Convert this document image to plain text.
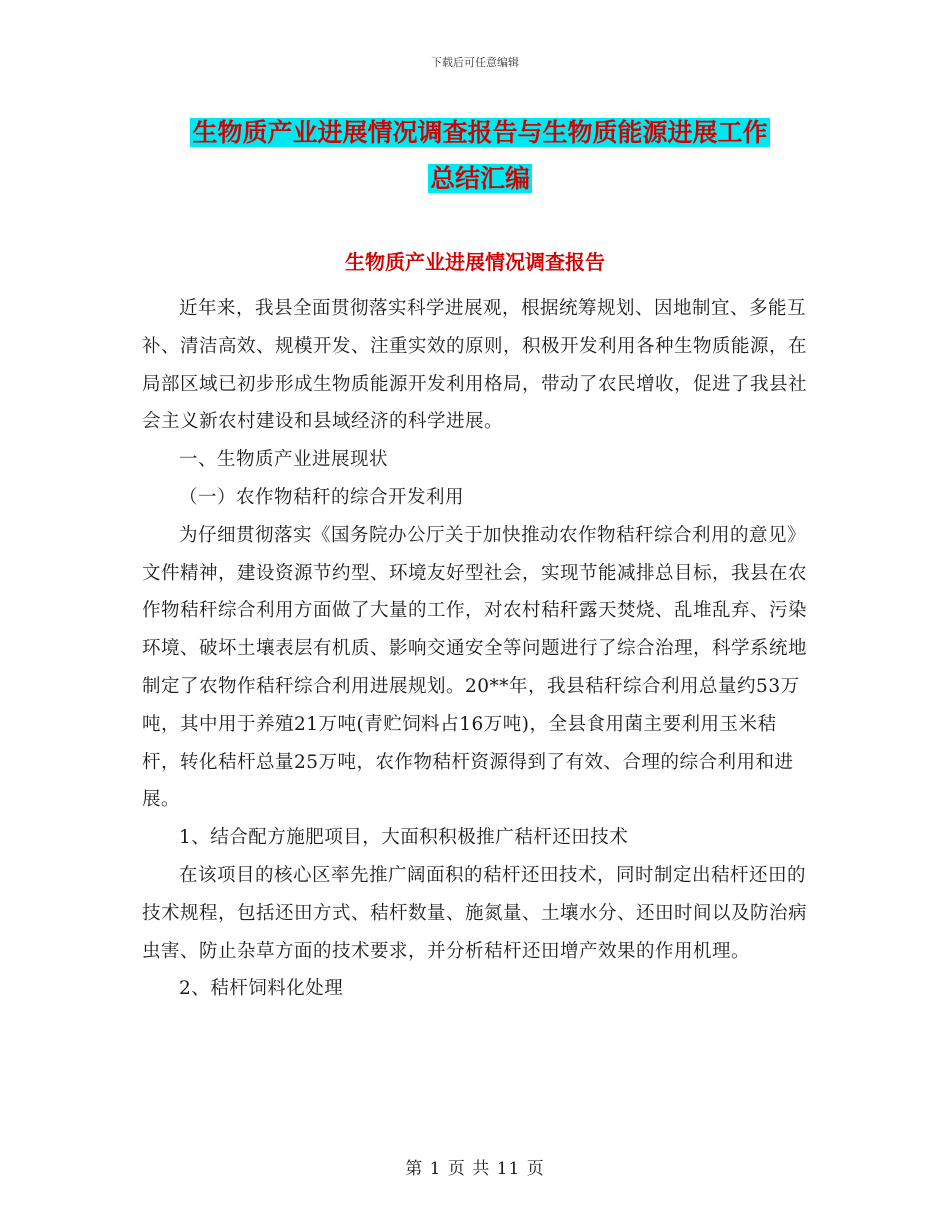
下载后可任意编辑
生物质产业进展情况调查报告与生物质能源进展工作
总结汇编
生物质产业进展情况调查报告

近年来，我县全面贯彻落实科学进展观，根据统筹规划、因地制宜、多能互补、清洁高效、规模开发、注重实效的原则，积极开发利用各种生物质能源，在局部区域已初步形成生物质能源开发利用格局，带动了农民增收，促进了我县社会主义新农村建设和县域经济的科学进展。

一、生物质产业进展现状

（一）农作物秸秆的综合开发利用

为仔细贯彻落实《国务院办公厅关于加快推动农作物秸秆综合利用的意见》文件精神，建设资源节约型、环境友好型社会，实现节能减排总目标，我县在农作物秸秆综合利用方面做了大量的工作，对农村秸秆露天焚烧、乱堆乱弃、污染环境、破坏土壤表层有机质、影响交通安全等问题进行了综合治理，科学系统地制定了农物作秸秆综合利用进展规划。20**年，我县秸秆综合利用总量约53万吨，其中用于养殖21万吨(青贮饲料占16万吨)，全县食用菌主要利用玉米秸杆，转化秸杆总量25万吨，农作物秸杆资源得到了有效、合理的综合利用和进展。

1、结合配方施肥项目，大面积积极推广秸杆还田技术

在该项目的核心区率先推广阔面积的秸杆还田技术，同时制定出秸杆还田的技术规程，包括还田方式、秸杆数量、施氮量、土壤水分、还田时间以及防治病虫害、防止杂草方面的技术要求，并分析秸杆还田增产效果的作用机理。

2、秸杆饲料化处理

第 1 页 共 11 页
